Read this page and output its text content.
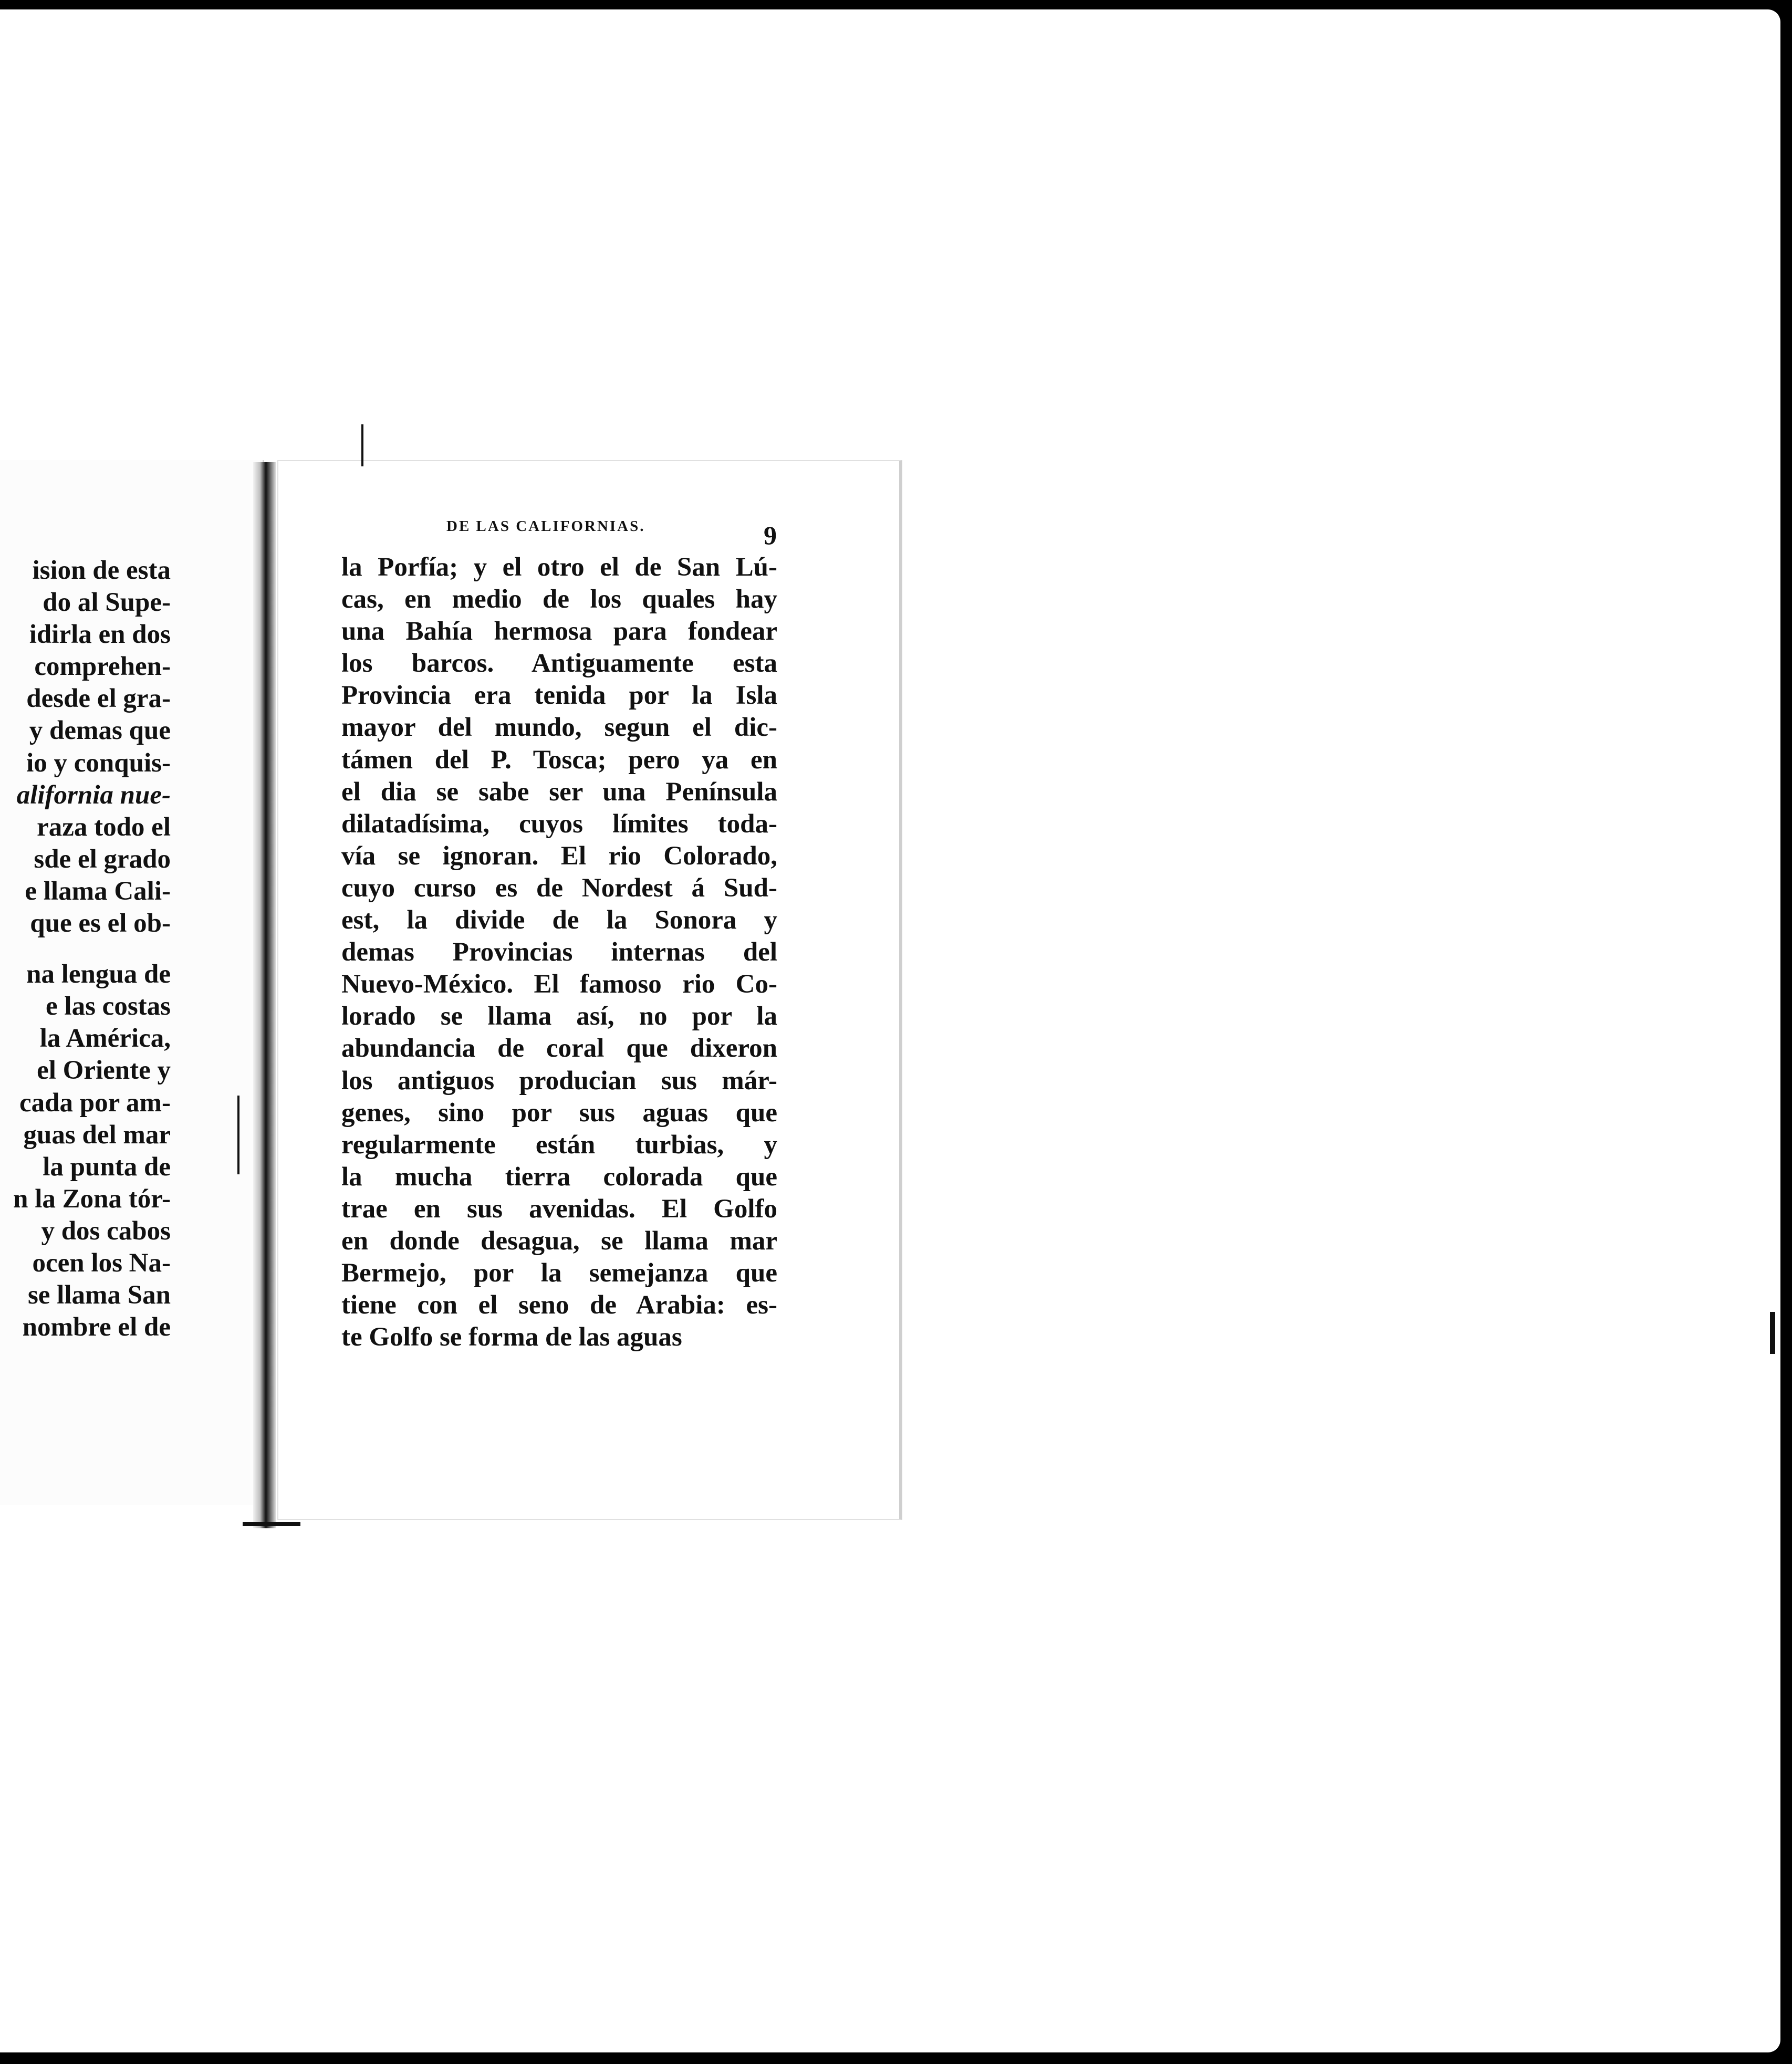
ision de esta
do al Supe-
idirla en dos
comprehen-
desde el gra-
y demas que
io y conquis-
alifornia nue-
raza todo el
sde el grado
e llama Cali-
que es el ob-
na lengua de
e las costas
la América,
el Oriente y
cada por am-
guas del mar
la punta de
n la Zona tór-
y dos cabos
ocen los Na-
se llama San
nombre el de
DE LAS CALIFORNIAS.	9
la Porfía; y el otro el de San Lú-
cas, en medio de los quales hay
una Bahía hermosa para fondear
los barcos. Antiguamente esta
Provincia era tenida por la Isla
mayor del mundo, segun el dic-
támen del P. Tosca; pero ya en
el dia se sabe ser una Península
dilatadísima, cuyos límites toda-
vía se ignoran. El rio Colorado,
cuyo curso es de Nordest á Sud-
est, la divide de la Sonora y
demas Provincias internas del
Nuevo-México. El famoso rio Co-
lorado se llama así, no por la
abundancia de coral que dixeron
los antiguos producian sus már-
genes, sino por sus aguas que
regularmente están turbias, y
la mucha tierra colorada que
trae en sus avenidas. El Golfo
en donde desagua, se llama mar
Bermejo, por la semejanza que
tiene con el seno de Arabia: es-
te Golfo se forma de las aguas
